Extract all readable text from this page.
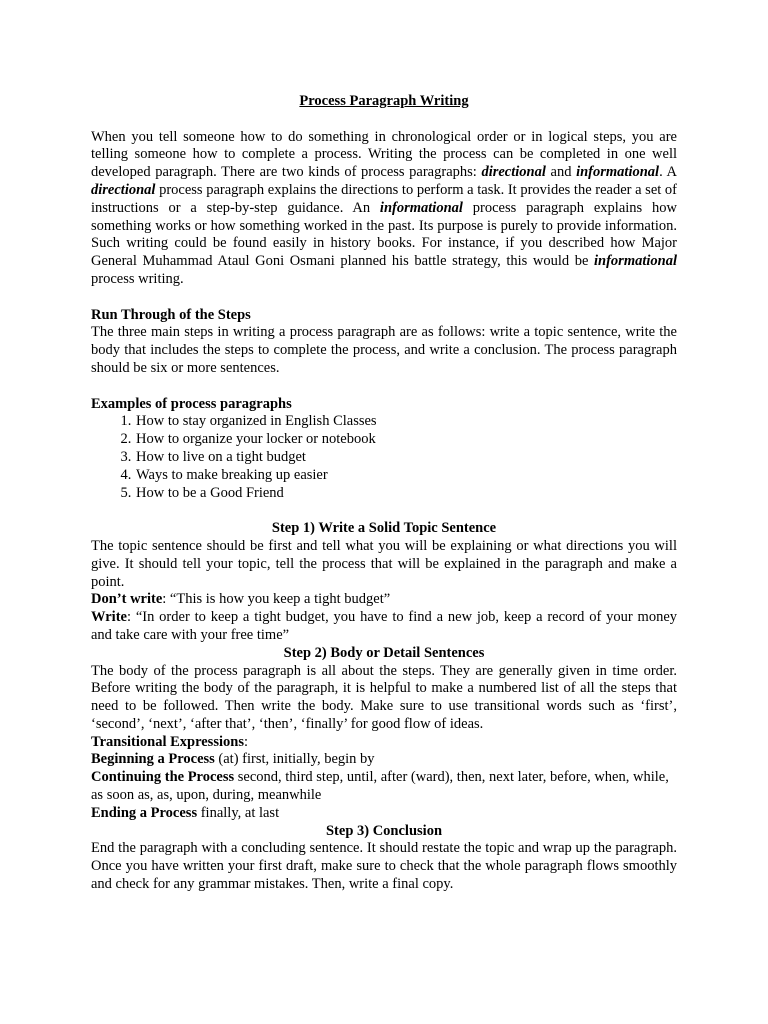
Process Paragraph Writing

When you tell someone how to do something in chronological order or in logical steps, you are telling someone how to complete a process. Writing the process can be completed in one well developed paragraph. There are two kinds of process paragraphs: directional and informational. A directional process paragraph explains the directions to perform a task. It provides the reader a set of instructions or a step-by-step guidance. An informational process paragraph explains how something works or how something worked in the past. Its purpose is purely to provide information. Such writing could be found easily in history books. For instance, if you described how Major General Muhammad Ataul Goni Osmani planned his battle strategy, this would be informational process writing.

Run Through of the Steps

The three main steps in writing a process paragraph are as follows: write a topic sentence, write the body that includes the steps to complete the process, and write a conclusion. The process paragraph should be six or more sentences.

Examples of process paragraphs
1. How to stay organized in English Classes
2. How to organize your locker or notebook
3. How to live on a tight budget
4. Ways to make breaking up easier
5. How to be a Good Friend
Step 1) Write a Solid Topic Sentence

The topic sentence should be first and tell what you will be explaining or what directions you will give. It should tell your topic, tell the process that will be explained in the paragraph and make a point.

Don’t write: “This is how you keep a tight budget”

Write: “In order to keep a tight budget, you have to find a new job, keep a record of your money and take care with your free time”

Step 2) Body or Detail Sentences

The body of the process paragraph is all about the steps. They are generally given in time order. Before writing the body of the paragraph, it is helpful to make a numbered list of all the steps that need to be followed. Then write the body. Make sure to use transitional words such as ‘first’, ‘second’, ‘next’, ‘after that’, ‘then’, ‘finally’ for good flow of ideas.

Transitional Expressions:

Beginning a Process (at) first, initially, begin by

Continuing the Process second, third step, until, after (ward), then, next later, before, when, while, as soon as, as, upon, during, meanwhile

Ending a Process finally, at last

Step 3) Conclusion

End the paragraph with a concluding sentence. It should restate the topic and wrap up the paragraph. Once you have written your first draft, make sure to check that the whole paragraph flows smoothly and check for any grammar mistakes. Then, write a final copy.
